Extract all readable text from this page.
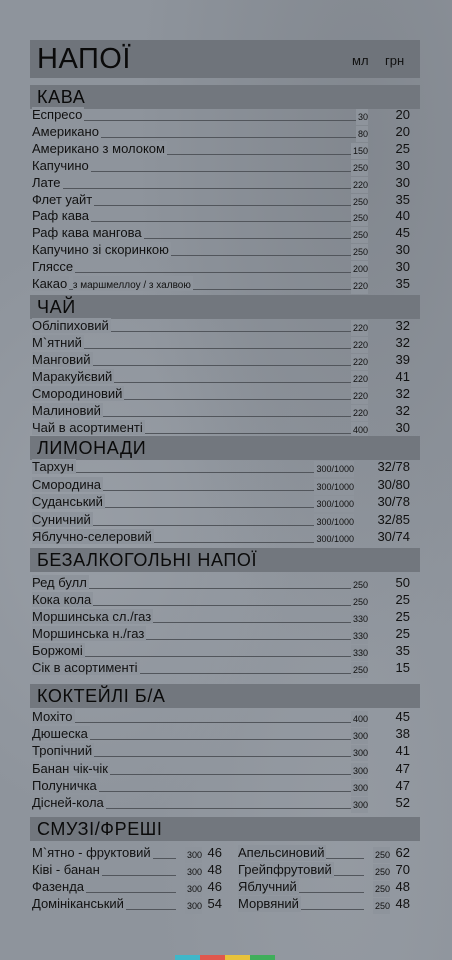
НАПОЇ	мл грн
КАВА
Еспресо	30 20
Американо	80 20
Американо з молоком	150 25
Капучино	250 30
Лате	220 30
Флет уайт	250 35
Раф кава	250 40
Раф кава мангова	250 45
Капучино зі скоринкою	250 30
Гляссе	200 30
Какао з маршмеллоу / з халвою	220 35
ЧАЙ
Обліпиховий	220 32
М`ятний	220 32
Манговий	220 39
Маракуйєвий	220 41
Смородиновий	220 32
Малиновий	220 32
Чай в асортименті	400 30
ЛИМОНАДИ
Тархун	300/1000 32/78
Смородина	300/1000 30/80
Суданський	300/1000 30/78
Суничний	300/1000 32/85
Яблучно-селеровий	300/1000 30/74
БЕЗАЛКОГОЛЬНІ НАПОЇ
Ред булл	250 50
Кока кола	250 25
Моршинська сл./газ	330 25
Моршинська н./газ	330 25
Боржомі	330 35
Сік в асортименті	250 15
КОКТЕЙЛІ Б/А
Мохіто	400 45
Дюшеска	300 38
Тропічний	300 41
Банан чік-чік	300 47
Полуничка	300 47
Дісней-кола	300 52
СМУЗІ/ФРЕШІ
М`ятно - фруктовий	300 46
Ківі - банан	300 48
Фазенда	300 46
Домініканський	300 54
Апельсиновий	250 62
Грейпфрутовий	250 70
Яблучний	250 48
Морвяний	250 48
